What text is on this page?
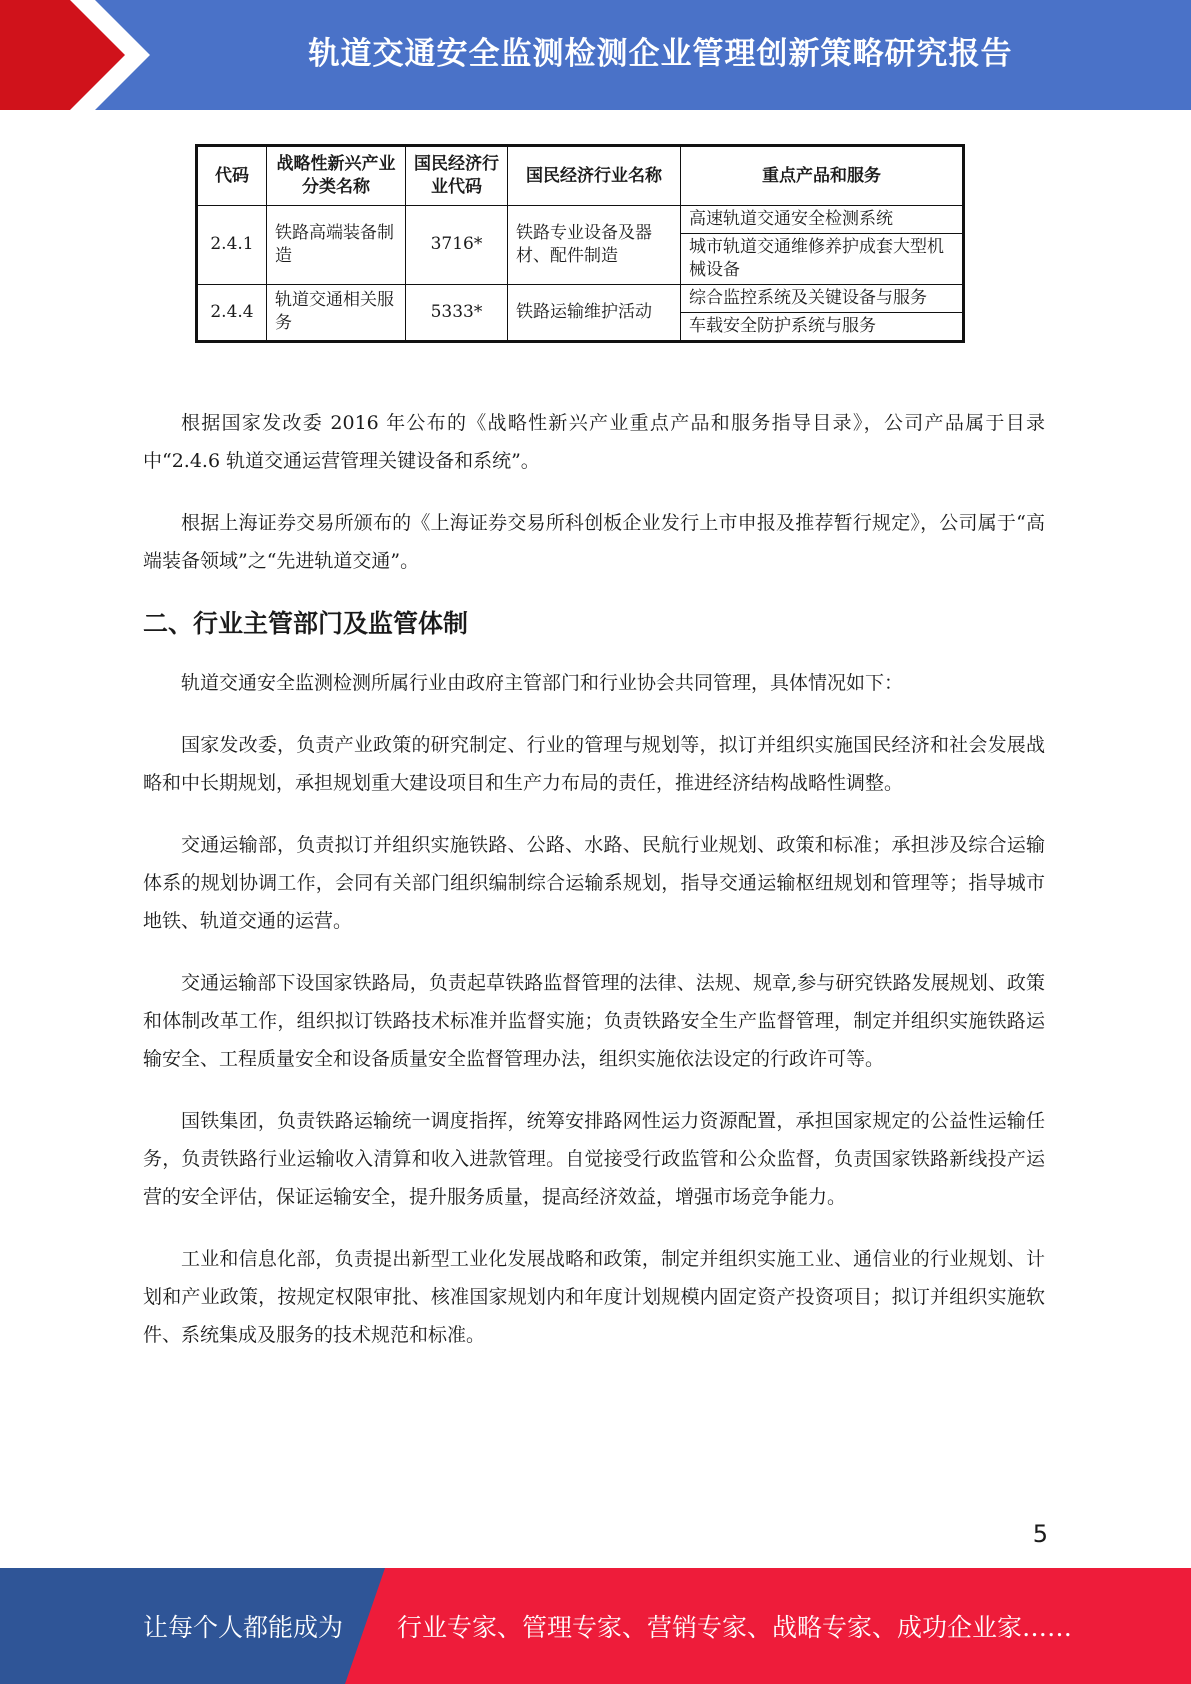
轨道交通安全监测检测企业管理创新策略研究报告
代码	战略性新兴产业分类名称	国民经济行业代码	国民经济行业名称	重点产品和服务
2.4.1	铁路高端装备制造	3716*	铁路专业设备及器材、配件制造	高速轨道交通安全检测系统
				城市轨道交通维修养护成套大型机械设备
2.4.4	轨道交通相关服务	5333*	铁路运输维护活动	综合监控系统及关键设备与服务
				车载安全防护系统与服务

根据国家发改委 2016 年公布的《战略性新兴产业重点产品和服务指导目录》，公司产品属于目录中“2.4.6 轨道交通运营管理关键设备和系统”。

根据上海证券交易所颁布的《上海证券交易所科创板企业发行上市申报及推荐暂行规定》，公司属于“高端装备领域”之“先进轨道交通”。

二、行业主管部门及监管体制

轨道交通安全监测检测所属行业由政府主管部门和行业协会共同管理，具体情况如下：

国家发改委，负责产业政策的研究制定、行业的管理与规划等，拟订并组织实施国民经济和社会发展战略和中长期规划，承担规划重大建设项目和生产力布局的责任，推进经济结构战略性调整。

交通运输部，负责拟订并组织实施铁路、公路、水路、民航行业规划、政策和标准；承担涉及综合运输体系的规划协调工作，会同有关部门组织编制综合运输系规划，指导交通运输枢纽规划和管理等；指导城市地铁、轨道交通的运营。

交通运输部下设国家铁路局，负责起草铁路监督管理的法律、法规、规章,参与研究铁路发展规划、政策和体制改革工作，组织拟订铁路技术标准并监督实施；负责铁路安全生产监督管理，制定并组织实施铁路运输安全、工程质量安全和设备质量安全监督管理办法，组织实施依法设定的行政许可等。

国铁集团，负责铁路运输统一调度指挥，统筹安排路网性运力资源配置，承担国家规定的公益性运输任务，负责铁路行业运输收入清算和收入进款管理。自觉接受行政监管和公众监督，负责国家铁路新线投产运营的安全评估，保证运输安全，提升服务质量，提高经济效益，增强市场竞争能力。

工业和信息化部，负责提出新型工业化发展战略和政策，制定并组织实施工业、通信业的行业规划、计划和产业政策，按规定权限审批、核准国家规划内和年度计划规模内固定资产投资项目；拟订并组织实施软件、系统集成及服务的技术规范和标准。

5
让每个人都能成为 行业专家、管理专家、营销专家、战略专家、成功企业家……
